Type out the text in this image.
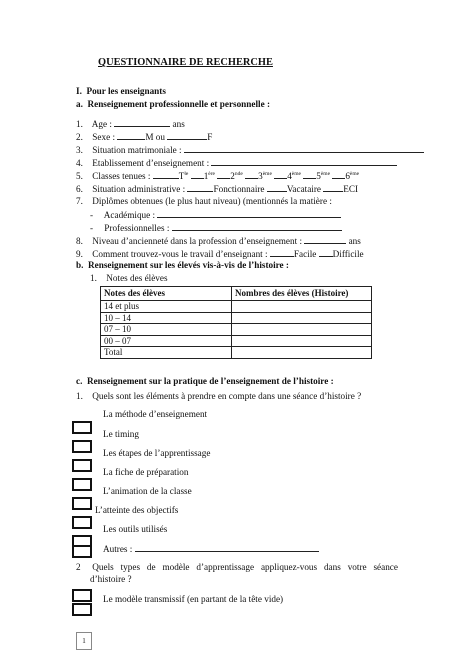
QUESTIONNAIRE DE RECHERCHE
I.  Pour les enseignants
a.  Renseignement professionnelle et personnelle :
1. Age :	ans
2. Sexe :	M ou	F
3. Situation matrimoniale :
4. Etablissement d’enseignement :
5. Classes tenues :	$T^{le}$ 1ère 2nde 3ème 4ème 5ème 6ème
6. Situation administrative :	Fonctionnaire Vacataire ECI
7. Diplômes obtenues (le plus haut niveau) (mentionnés la matière :
- Académique :
- Professionnelles :
8. Niveau d’ancienneté dans la profession d’enseignement :	ans
9. Comment trouvez-vous le travail d’enseignant :	Facile Difficile
b.  Renseignement sur les élevés vis-à-vis de l’histoire :
1. Notes des élèves
Notes des élèves	Nombres des élèves (Histoire)
14 et plus	
10 – 14	
07 – 10	
00 – 07	
Total	
c.  Renseignement sur la pratique de l’enseignement de l’histoire :
1. Quels sont les éléments à prendre en compte dans une séance d’histoire ?
La méthode d’enseignement
Le timing
Les étapes de l’apprentissage
La fiche de préparation
L’animation de la classe
L’atteinte des objectifs
Les outils utilisés
Autres :
2 Quels   types   de   modèle   d’apprentissage   appliquez-vous   dans   votre   séance
d’histoire ?
Le modèle transmissif (en partant de la tête vide)
1
